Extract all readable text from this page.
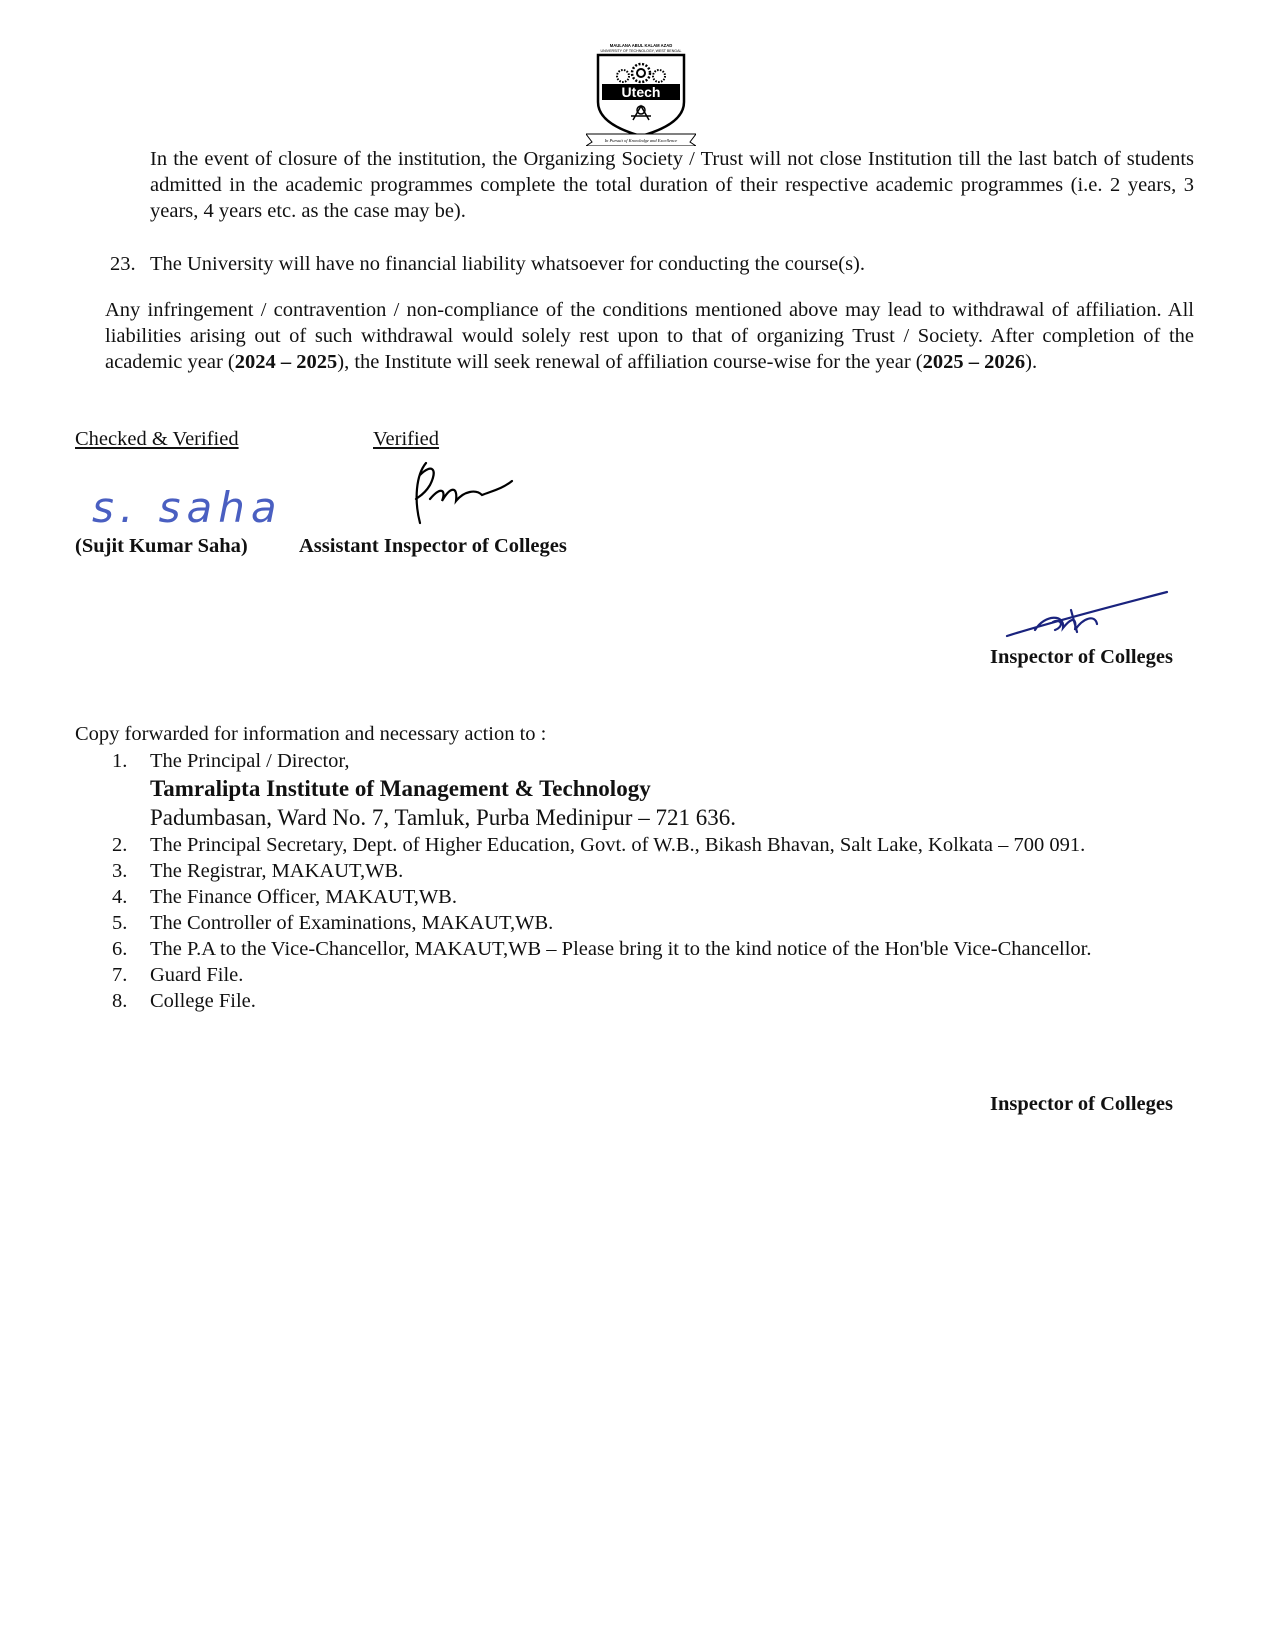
MAULANA ABUL KALAM AZAD
UNIVERSITY OF TECHNOLOGY, WEST BENGAL
Utech
In Pursuit of Knowledge and Excellence
In the event of closure of the institution, the Organizing Society / Trust will not close Institution till the last batch of students admitted in the academic programmes complete the total duration of their respective academic programmes (i.e. 2 years, 3 years, 4 years etc. as the case may be).
23. The University will have no financial liability whatsoever for conducting the course(s).
Any infringement / contravention / non-compliance of the conditions mentioned above may lead to withdrawal of affiliation. All liabilities arising out of such withdrawal would solely rest upon to that of organizing Trust / Society. After completion of the academic year (2024 – 2025), the Institute will seek renewal of affiliation course-wise for the year (2025 – 2026).
Checked & Verified	Verified
s. saha
(Sujit Kumar Saha) Assistant Inspector of Colleges
Inspector of Colleges
Copy forwarded for information and necessary action to :
1. The Principal / Director,
Tamralipta Institute of Management & Technology
Padumbasan, Ward No. 7, Tamluk, Purba Medinipur – 721 636.
2. The Principal Secretary, Dept. of Higher Education, Govt. of W.B., Bikash Bhavan, Salt Lake, Kolkata – 700 091.
3. The Registrar, MAKAUT,WB.
4. The Finance Officer, MAKAUT,WB.
5. The Controller of Examinations, MAKAUT,WB.
6. The P.A to the Vice-Chancellor, MAKAUT,WB – Please bring it to the kind notice of the Hon'ble Vice-Chancellor.
7. Guard File.
8. College File.
Inspector of Colleges
